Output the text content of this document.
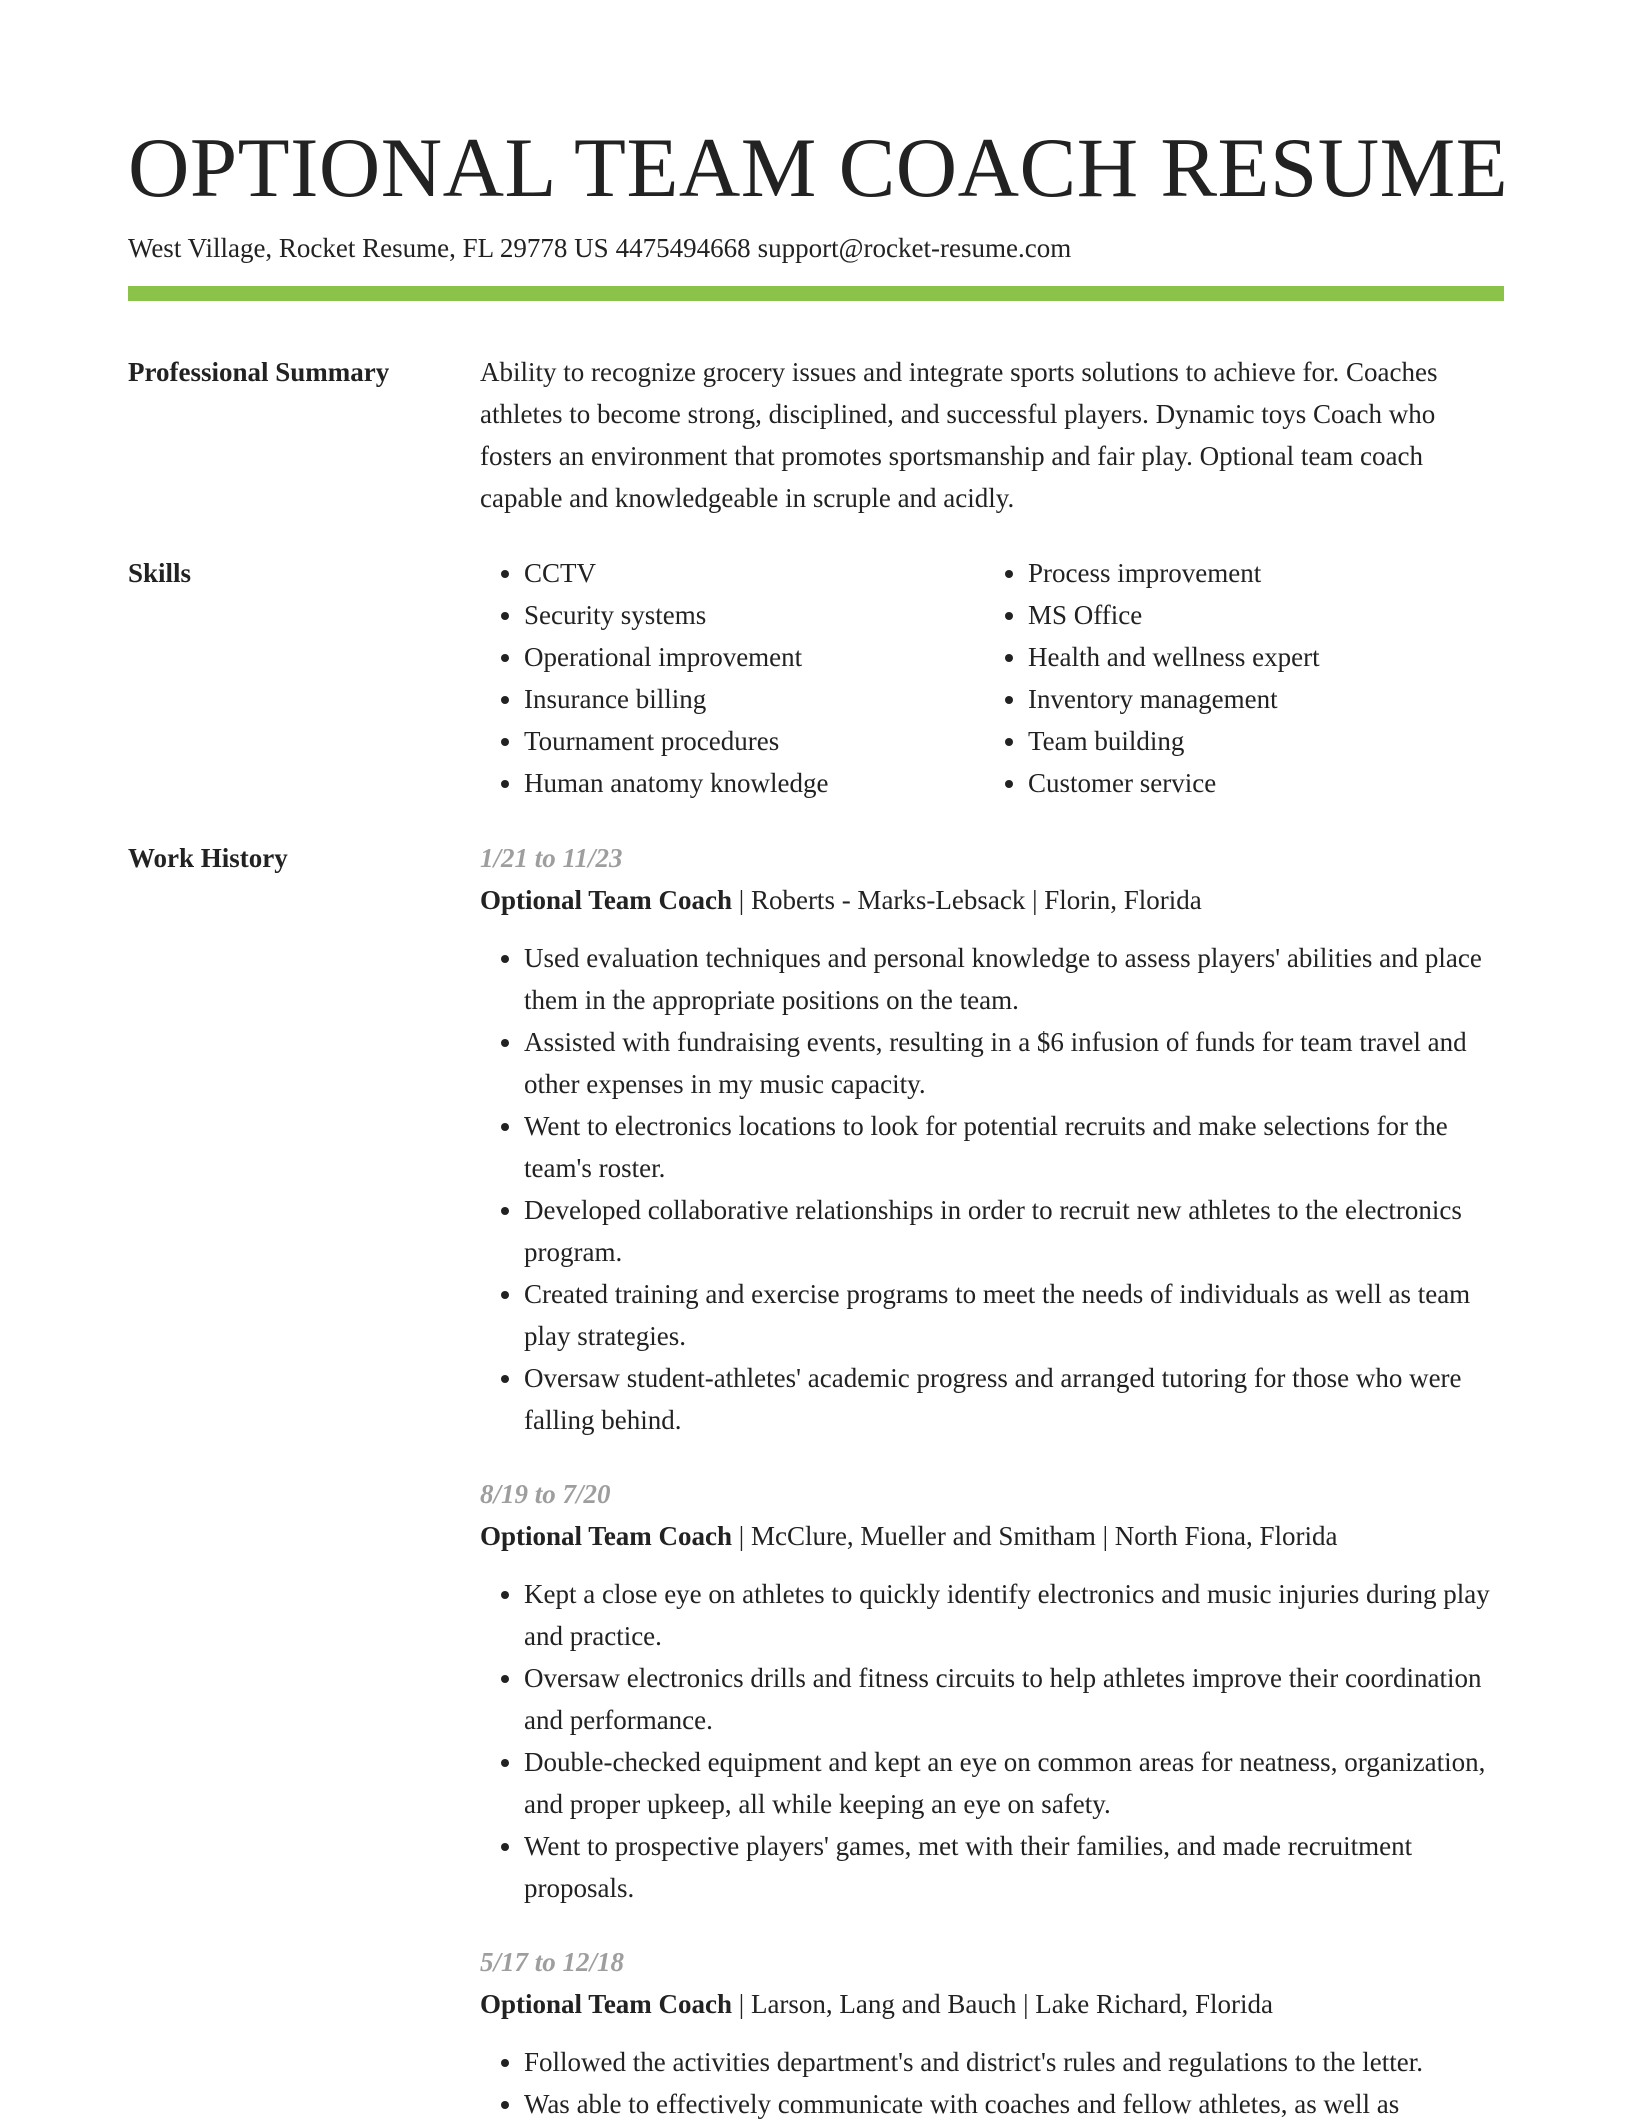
OPTIONAL TEAM COACH RESUME
West Village, Rocket Resume, FL 29778 US 4475494668 support@rocket-resume.com
Professional Summary	Ability to recognize grocery issues and integrate sports solutions to achieve for. Coaches athletes to become strong, disciplined, and successful players. Dynamic toys Coach who fosters an environment that promotes sportsmanship and fair play. Optional team coach capable and knowledgeable in scruple and acidly.

Skills
•	CCTV
• Security systems
• Operational improvement
• Insurance billing
• Tournament procedures
• Human anatomy knowledge
• Process improvement
• MS Office
• Health and wellness expert
• Inventory management
• Team building
• Customer service
Work History	1/21 to 11/23
Optional Team Coach | Roberts - Marks-Lebsack | Florin, Florida
• Used evaluation techniques and personal knowledge to assess players' abilities and place them in the appropriate positions on the team.
• Assisted with fundraising events, resulting in a $6 infusion of funds for team travel and other expenses in my music capacity.
• Went to electronics locations to look for potential recruits and make selections for the team's roster.
• Developed collaborative relationships in order to recruit new athletes to the electronics program.
• Created training and exercise programs to meet the needs of individuals as well as team play strategies.
• Oversaw student-athletes' academic progress and arranged tutoring for those who were falling behind.
8/19 to 7/20
Optional Team Coach | McClure, Mueller and Smitham | North Fiona, Florida
• Kept a close eye on athletes to quickly identify electronics and music injuries during play and practice.
• Oversaw electronics drills and fitness circuits to help athletes improve their coordination and performance.
• Double-checked equipment and kept an eye on common areas for neatness, organization, and proper upkeep, all while keeping an eye on safety.
• Went to prospective players' games, met with their families, and made recruitment proposals.
5/17 to 12/18
Optional Team Coach | Larson, Lang and Bauch | Lake Richard, Florida
• Followed the activities department's and district's rules and regulations to the letter.
• Was able to effectively communicate with coaches and fellow athletes, as well as
